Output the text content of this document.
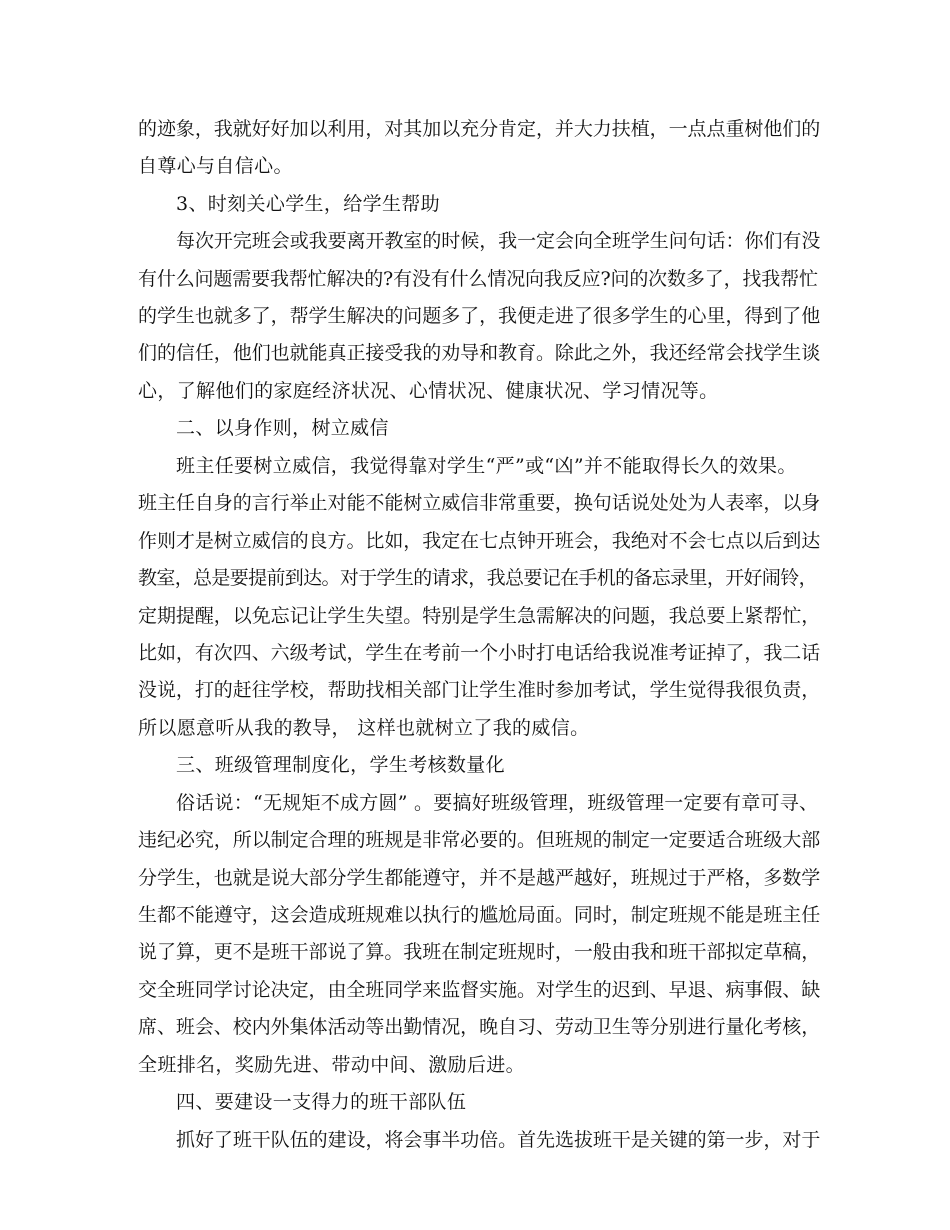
的迹象，我就好好加以利用，对其加以充分肯定，并大力扶植，一点点重树他们的
自尊心与自信心。
3、时刻关心学生，给学生帮助
每次开完班会或我要离开教室的时候，我一定会向全班学生问句话：你们有没
有什么问题需要我帮忙解决的?有没有什么情况向我反应?问的次数多了，找我帮忙
的学生也就多了，帮学生解决的问题多了，我便走进了很多学生的心里，得到了他
们的信任，他们也就能真正接受我的劝导和教育。除此之外，我还经常会找学生谈
心，了解他们的家庭经济状况、心情状况、健康状况、学习情况等。
二、以身作则，树立威信
班主任要树立威信，我觉得靠对学生“严”或“凶”并不能取得长久的效果。
班主任自身的言行举止对能不能树立威信非常重要，换句话说处处为人表率，以身
作则才是树立威信的良方。比如，我定在七点钟开班会，我绝对不会七点以后到达
教室，总是要提前到达。对于学生的请求，我总要记在手机的备忘录里，开好闹铃，
定期提醒，以免忘记让学生失望。特别是学生急需解决的问题，我总要上紧帮忙，
比如，有次四、六级考试，学生在考前一个小时打电话给我说准考证掉了，我二话
没说，打的赶往学校，帮助找相关部门让学生准时参加考试，学生觉得我很负责，
所以愿意听从我的教导， 这样也就树立了我的威信。
三、班级管理制度化，学生考核数量化
俗话说：“无规矩不成方圆” 。要搞好班级管理，班级管理一定要有章可寻、
违纪必究，所以制定合理的班规是非常必要的。但班规的制定一定要适合班级大部
分学生，也就是说大部分学生都能遵守，并不是越严越好，班规过于严格，多数学
生都不能遵守，这会造成班规难以执行的尴尬局面。同时，制定班规不能是班主任
说了算，更不是班干部说了算。我班在制定班规时，一般由我和班干部拟定草稿，
交全班同学讨论决定，由全班同学来监督实施。对学生的迟到、早退、病事假、缺
席、班会、校内外集体活动等出勤情况，晚自习、劳动卫生等分别进行量化考核，
全班排名，奖励先进、带动中间、激励后进。
四、要建设一支得力的班干部队伍
抓好了班干队伍的建设，将会事半功倍。首先选拔班干是关键的第一步，对于
